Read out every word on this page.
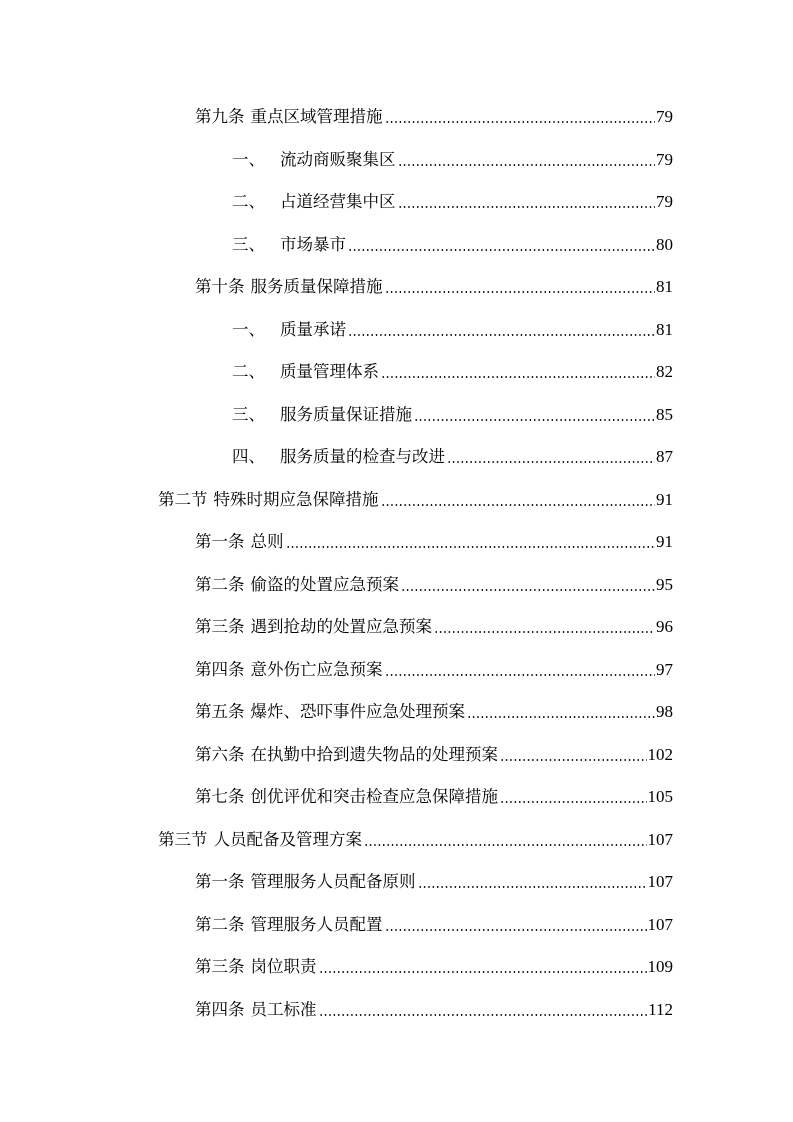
第九条 重点区域管理措施	79
一、 流动商贩聚集区	79
二、 占道经营集中区	79
三、 市场暴市	80
第十条 服务质量保障措施	81
一、 质量承诺	81
二、 质量管理体系	82
三、 服务质量保证措施	85
四、 服务质量的检查与改进	87
第二节 特殊时期应急保障措施	91
第一条 总则	91
第二条 偷盗的处置应急预案	95
第三条 遇到抢劫的处置应急预案	96
第四条 意外伤亡应急预案	97
第五条 爆炸、恐吓事件应急处理预案	98
第六条 在执勤中拾到遗失物品的处理预案	102
第七条 创优评优和突击检查应急保障措施	105
第三节 人员配备及管理方案	107
第一条 管理服务人员配备原则	107
第二条 管理服务人员配置	107
第三条 岗位职责	109
第四条 员工标准	112
